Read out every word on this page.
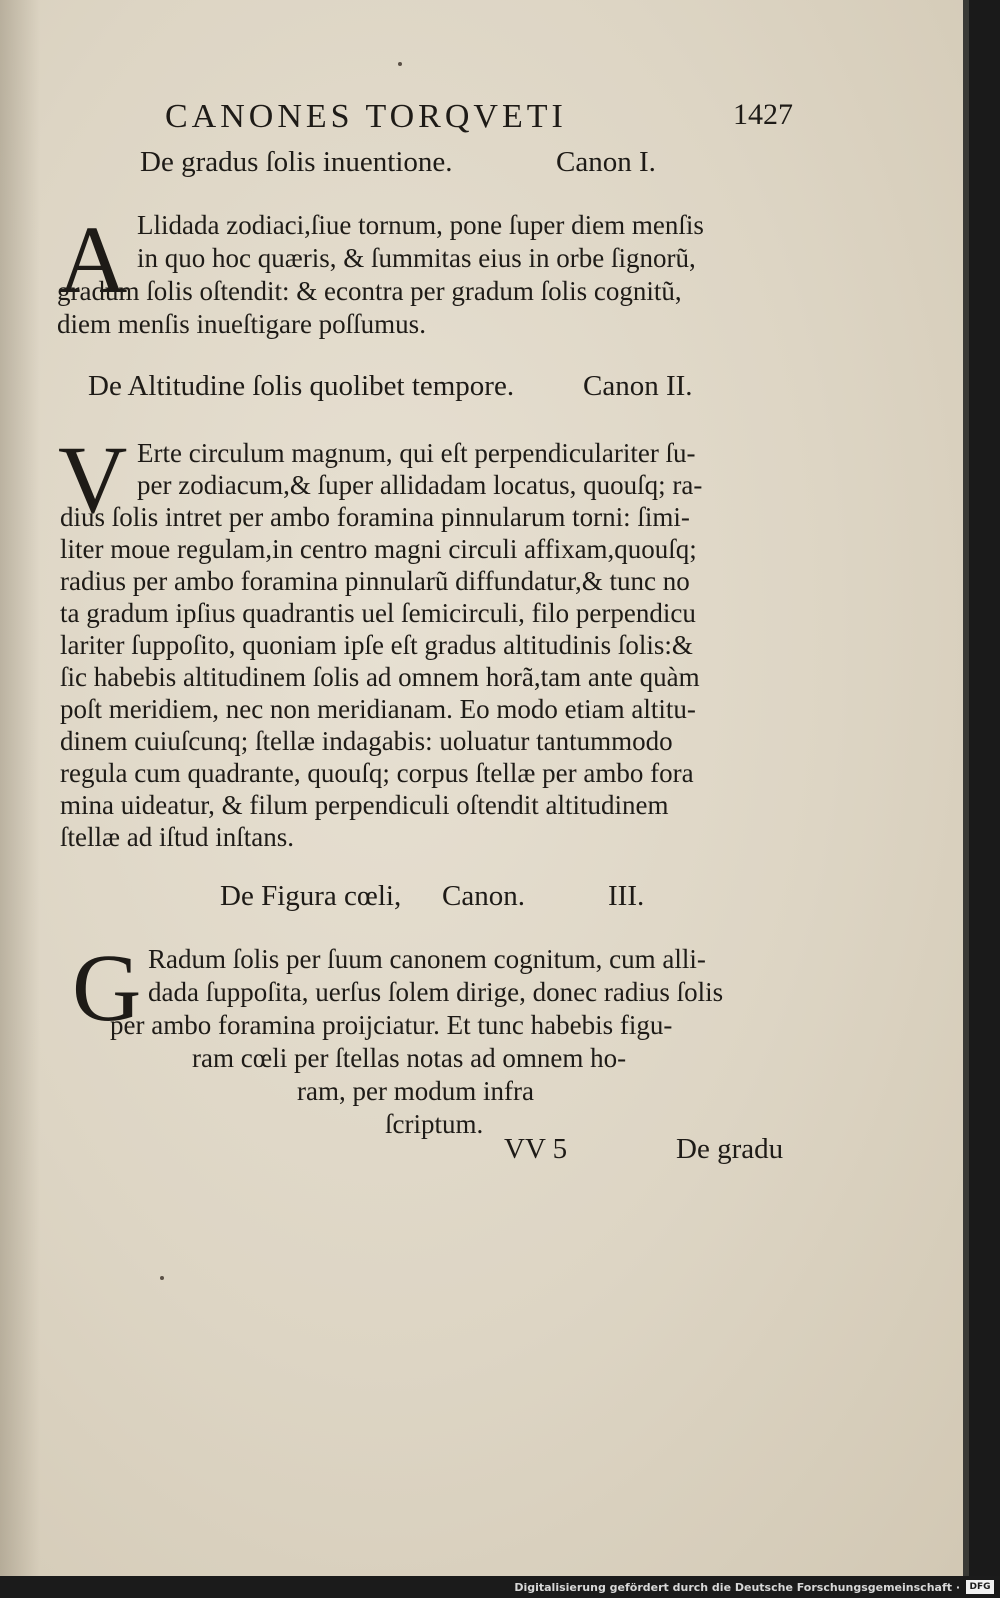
CANONES TORQVETI	1427
De gradus ſolis inuentione.	Canon I.
A Llidada zodiaci,ſiue tornum, pone ſuper diem menſis
in quo hoc quæris, & ſummitas eius in orbe ſignorũ,
gradum ſolis oſtendit: & econtra per gradum ſolis cognitũ,
diem menſis inueſtigare poſſumus.
De Altitudine ſolis quolibet tempore. Canon II.
V Erte circulum magnum, qui eſt perpendiculariter ſu-
per zodiacum,& ſuper allidadam locatus, quouſq; ra-
dius ſolis intret per ambo foramina pinnularum torni: ſimi-
liter moue regulam,in centro magni circuli affixam,quouſq;
radius per ambo foramina pinnularũ diffundatur,& tunc no
ta gradum ipſius quadrantis uel ſemicirculi, filo perpendicu
lariter ſuppoſito, quoniam ipſe eſt gradus altitudinis ſolis:&
ſic habebis altitudinem ſolis ad omnem horã,tam ante quàm
poſt meridiem, nec non meridianam. Eo modo etiam altitu-
dinem cuiuſcunq; ſtellæ indagabis: uoluatur tantummodo
regula cum quadrante, quouſq; corpus ſtellæ per ambo fora
mina uideatur, & filum perpendiculi oſtendit altitudinem
ſtellæ ad iſtud inſtans.
De Figura cœli, Canon.	III.
G Radum ſolis per ſuum canonem cognitum, cum alli-
dada ſuppoſita, uerſus ſolem dirige, donec radius ſolis
per ambo foramina proijciatur. Et tunc habebis figu-
ram cœli per ſtellas notas ad omnem ho-
ram, per modum infra
ſcriptum.
VV 5	De gradu
Digitalisierung gefördert durch die Deutsche Forschungsgemeinschaft ·	DFG
